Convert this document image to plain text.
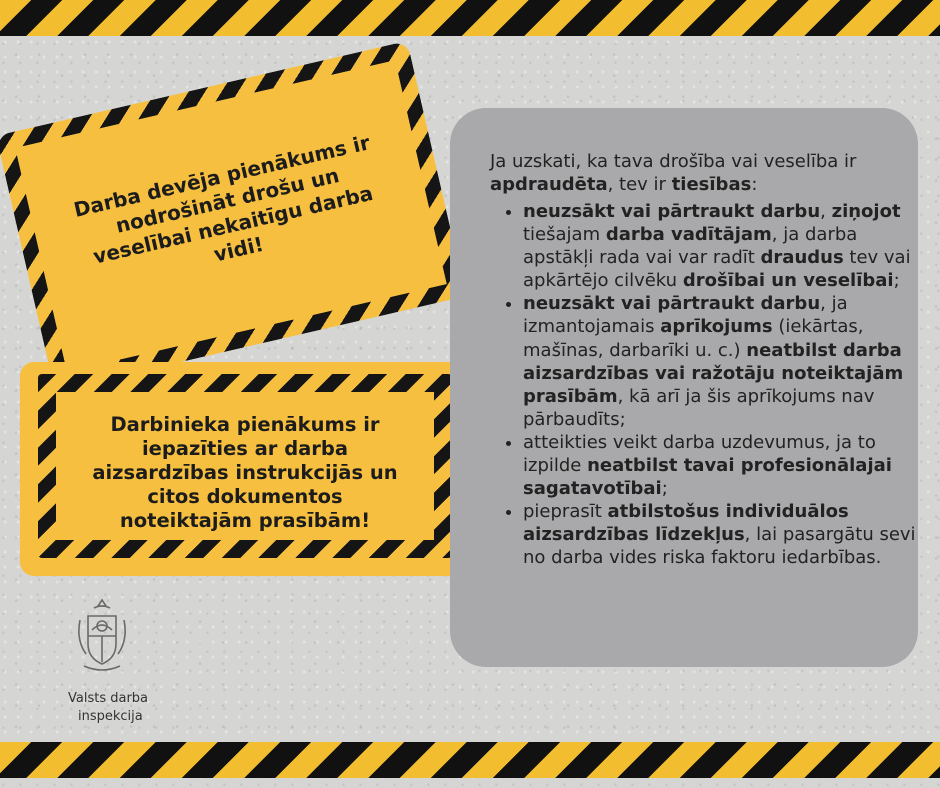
Darba devēja pienākums ir nodrošināt drošu un veselībai nekaitīgu darba vidi!
Darbinieka pienākums ir iepazīties ar darba aizsardzības instrukcijās un citos dokumentos noteiktajām prasībām!
Ja uzskati, ka tava drošība vai veselība ir apdraudēta, tev ir tiesības:
• neuzsākt vai pārtraukt darbu, ziņojot tiešajam darba vadītājam, ja darba apstākļi rada vai var radīt draudus tev vai apkārtējo cilvēku drošībai un veselībai;
• neuzsākt vai pārtraukt darbu, ja izmantojamais aprīkojums (iekārtas, mašīnas, darbarīki u. c.) neatbilst darba aizsardzības vai ražotāju noteiktajām prasībām, kā arī ja šis aprīkojums nav pārbaudīts;
• atteikties veikt darba uzdevumus, ja to izpilde neatbilst tavai profesionālajai sagatavotībai;
• pieprasīt atbilstošus individuālos aizsardzības līdzekļus, lai pasargātu sevi no darba vides riska faktoru iedarbības.
Valsts darba
inspekcija
